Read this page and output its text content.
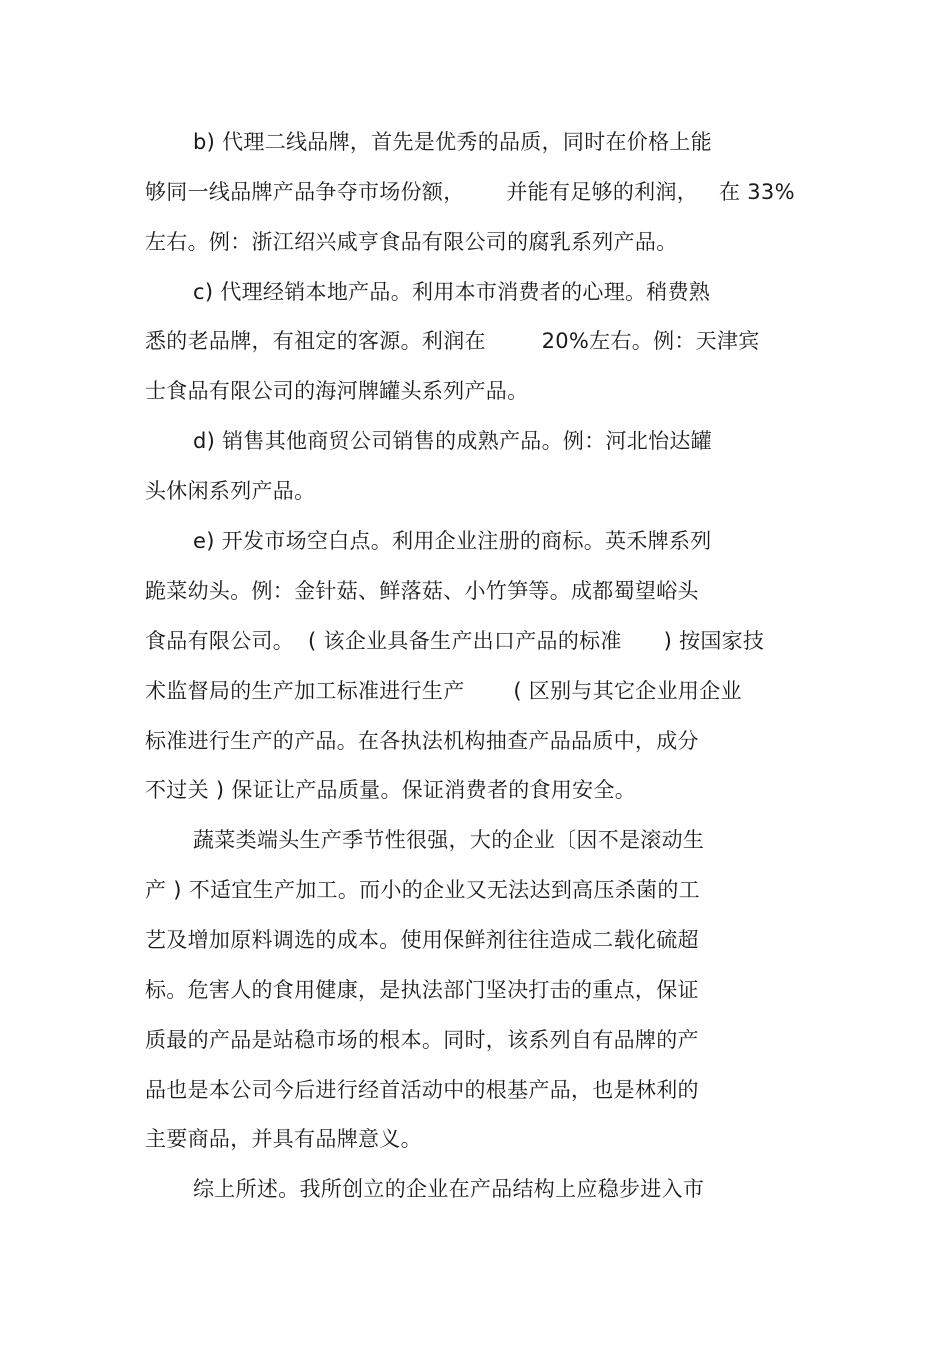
b) 代理二线品牌，首先是优秀的品质，同时在价格上能
够同一线品牌产品争夺市场份额，      并能有足够的利润，   在 33%
左右。例：浙江绍兴咸亨食品有限公司的腐乳系列产品。
c) 代理经销本地产品。利用本市消费者的心理。稍费熟
悉的老品牌，有祖定的客源。利润在        20%左右。例：天津宾
士食品有限公司的海河牌罐头系列产品。
d) 销售其他商贸公司销售的成熟产品。例：河北怡达罐
头休闲系列产品。
e) 开发市场空白点。利用企业注册的商标。英禾牌系列
跪菜幼头。例：金针菇、鲜落菇、小竹笋等。成都蜀望峪头
食品有限公司。  ( 该企业具备生产出口产品的标准      ) 按国家技
术监督局的生产加工标准进行生产       ( 区别与其它企业用企业
标准进行生产的产品。在各执法机构抽查产品品质中，成分
不过关 ) 保证让产品质量。保证消费者的食用安全。
蔬菜类端头生产季节性很强，大的企业〔因不是滚动生
产 ) 不适宜生产加工。而小的企业又无法达到高压杀菌的工
艺及增加原料调选的成本。使用保鲜剂往往造成二载化硫超
标。危害人的食用健康，是执法部门坚决打击的重点，保证
质最的产品是站稳市场的根本。同时，该系列自有品牌的产
品也是本公司今后进行经首活动中的根基产品，也是林利的
主要商品，并具有品牌意义。
综上所述。我所创立的企业在产品结构上应稳步进入市
